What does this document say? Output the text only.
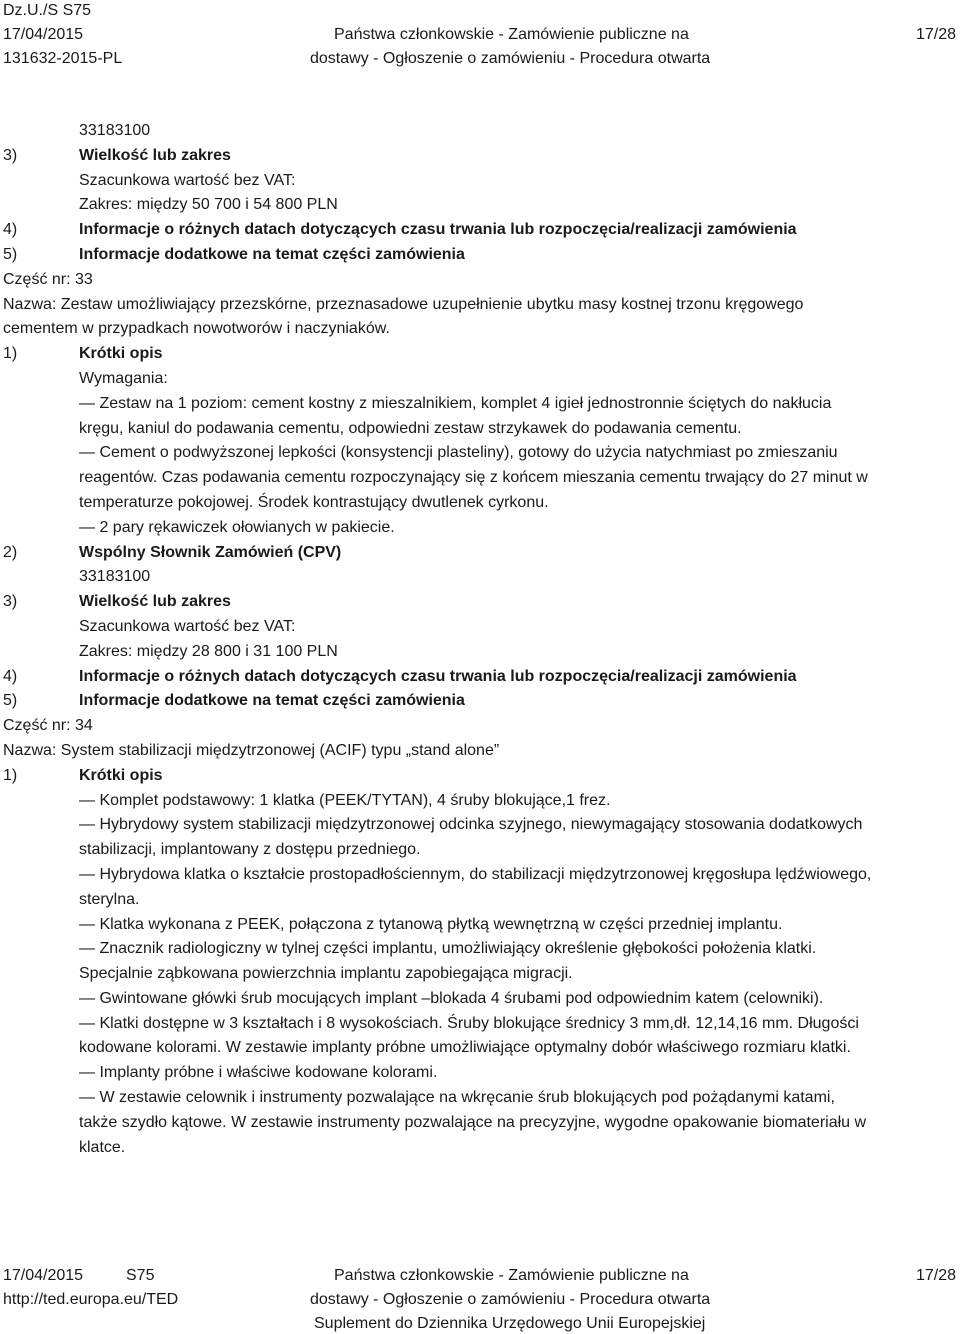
Dz.U./S S75
17/04/2015
131632-2015-PL
Państwa członkowskie - Zamówienie publiczne na
dostawy - Ogłoszenie o zamówieniu - Procedura otwarta
17/28
33183100
3)	Wielkość lub zakres
Szacunkowa wartość bez VAT:
Zakres: między 50 700 i 54 800 PLN
4)	Informacje o różnych datach dotyczących czasu trwania lub rozpoczęcia/realizacji zamówienia
5)	Informacje dodatkowe na temat części zamówienia
Część nr: 33
Nazwa: Zestaw umożliwiający przezskórne, przeznasadowe uzupełnienie ubytku masy kostnej trzonu kręgowego
cementem w przypadkach nowotworów i naczyniaków.
1)	Krótki opis
Wymagania:
— Zestaw na 1 poziom: cement kostny z mieszalnikiem, komplet 4 igieł jednostronnie ściętych do nakłucia
kręgu, kaniul do podawania cementu, odpowiedni zestaw strzykawek do podawania cementu.
— Cement o podwyższonej lepkości (konsystencji plasteliny), gotowy do użycia natychmiast po zmieszaniu
reagentów. Czas podawania cementu rozpoczynający się z końcem mieszania cementu trwający do 27 minut w
temperaturze pokojowej. Środek kontrastujący dwutlenek cyrkonu.
— 2 pary rękawiczek ołowianych w pakiecie.
2)	Wspólny Słownik Zamówień (CPV)
33183100
3)	Wielkość lub zakres
Szacunkowa wartość bez VAT:
Zakres: między 28 800 i 31 100 PLN
4)	Informacje o różnych datach dotyczących czasu trwania lub rozpoczęcia/realizacji zamówienia
5)	Informacje dodatkowe na temat części zamówienia
Część nr: 34
Nazwa: System stabilizacji międzytrzonowej (ACIF) typu „stand alone”
1)	Krótki opis
— Komplet podstawowy: 1 klatka (PEEK/TYTAN), 4 śruby blokujące,1 frez.
— Hybrydowy system stabilizacji międzytrzonowej odcinka szyjnego, niewymagający stosowania dodatkowych
stabilizacji, implantowany z dostępu przedniego.
— Hybrydowa klatka o kształcie prostopadłościennym, do stabilizacji międzytrzonowej kręgosłupa lędźwiowego,
sterylna.
— Klatka wykonana z PEEK, połączona z tytanową płytką wewnętrzną w części przedniej implantu.
— Znacznik radiologiczny w tylnej części implantu, umożliwiający określenie głębokości położenia klatki.
Specjalnie ząbkowana powierzchnia implantu zapobiegająca migracji.
— Gwintowane główki śrub mocujących implant –blokada 4 śrubami pod odpowiednim katem (celowniki).
— Klatki dostępne w 3 kształtach i 8 wysokościach. Śruby blokujące średnicy 3 mm,dł. 12,14,16 mm. Długości
kodowane kolorami. W zestawie implanty próbne umożliwiające optymalny dobór właściwego rozmiaru klatki.
— Implanty próbne i właściwe kodowane kolorami.
— W zestawie celownik i instrumenty pozwalające na wkręcanie śrub blokujących pod pożądanymi katami,
także szydło kątowe. W zestawie instrumenty pozwalające na precyzyjne, wygodne opakowanie biomateriału w
klatce.
17/04/2015	S75
http://ted.europa.eu/TED
Państwa członkowskie - Zamówienie publiczne na
dostawy - Ogłoszenie o zamówieniu - Procedura otwarta
Suplement do Dziennika Urzędowego Unii Europejskiej
17/28
